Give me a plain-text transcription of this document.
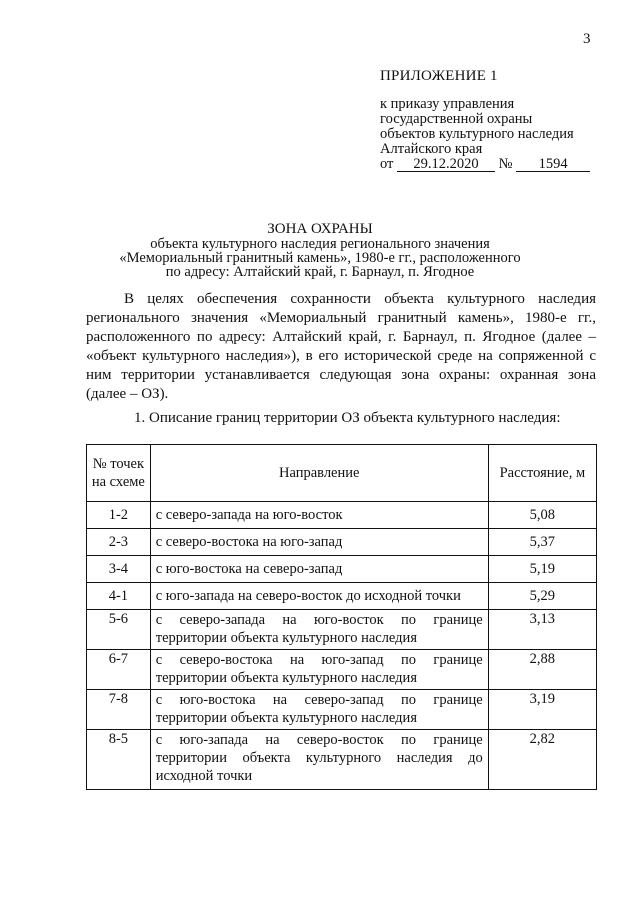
3
ПРИЛОЖЕНИЕ 1
к приказу управления
государственной охраны
объектов культурного наследия
Алтайского края
от 29.12.2020 № 1594
ЗОНА ОХРАНЫ
объекта культурного наследия регионального значения
«Мемориальный гранитный камень», 1980-е гг., расположенного
по адресу: Алтайский край, г. Барнаул, п. Ягодное
В целях обеспечения сохранности объекта культурного наследия регионального значения «Мемориальный гранитный камень», 1980-е гг., расположенного по адресу: Алтайский край, г. Барнаул, п. Ягодное (далее – «объект культурного наследия»), в его исторической среде на сопряженной с ним территории устанавливается следующая зона охраны: охранная зона (далее – ОЗ).
1. Описание границ территории ОЗ объекта культурного наследия:
№ точек на схеме	Направление	Расстояние, м
1-2	с северо-запада на юго-восток	5,08
2-3	с северо-востока на юго-запад	5,37
3-4	с юго-востока на северо-запад	5,19
4-1	с юго-запада на северо-восток до исходной точки	5,29
5-6	с северо-запада на юго-восток по границе территории объекта культурного наследия	3,13
6-7	с северо-востока на юго-запад по границе территории объекта культурного наследия	2,88
7-8	с юго-востока на северо-запад по границе территории объекта культурного наследия	3,19
8-5	с юго-запада на северо-восток по границе территории объекта культурного наследия до исходной точки	2,82
